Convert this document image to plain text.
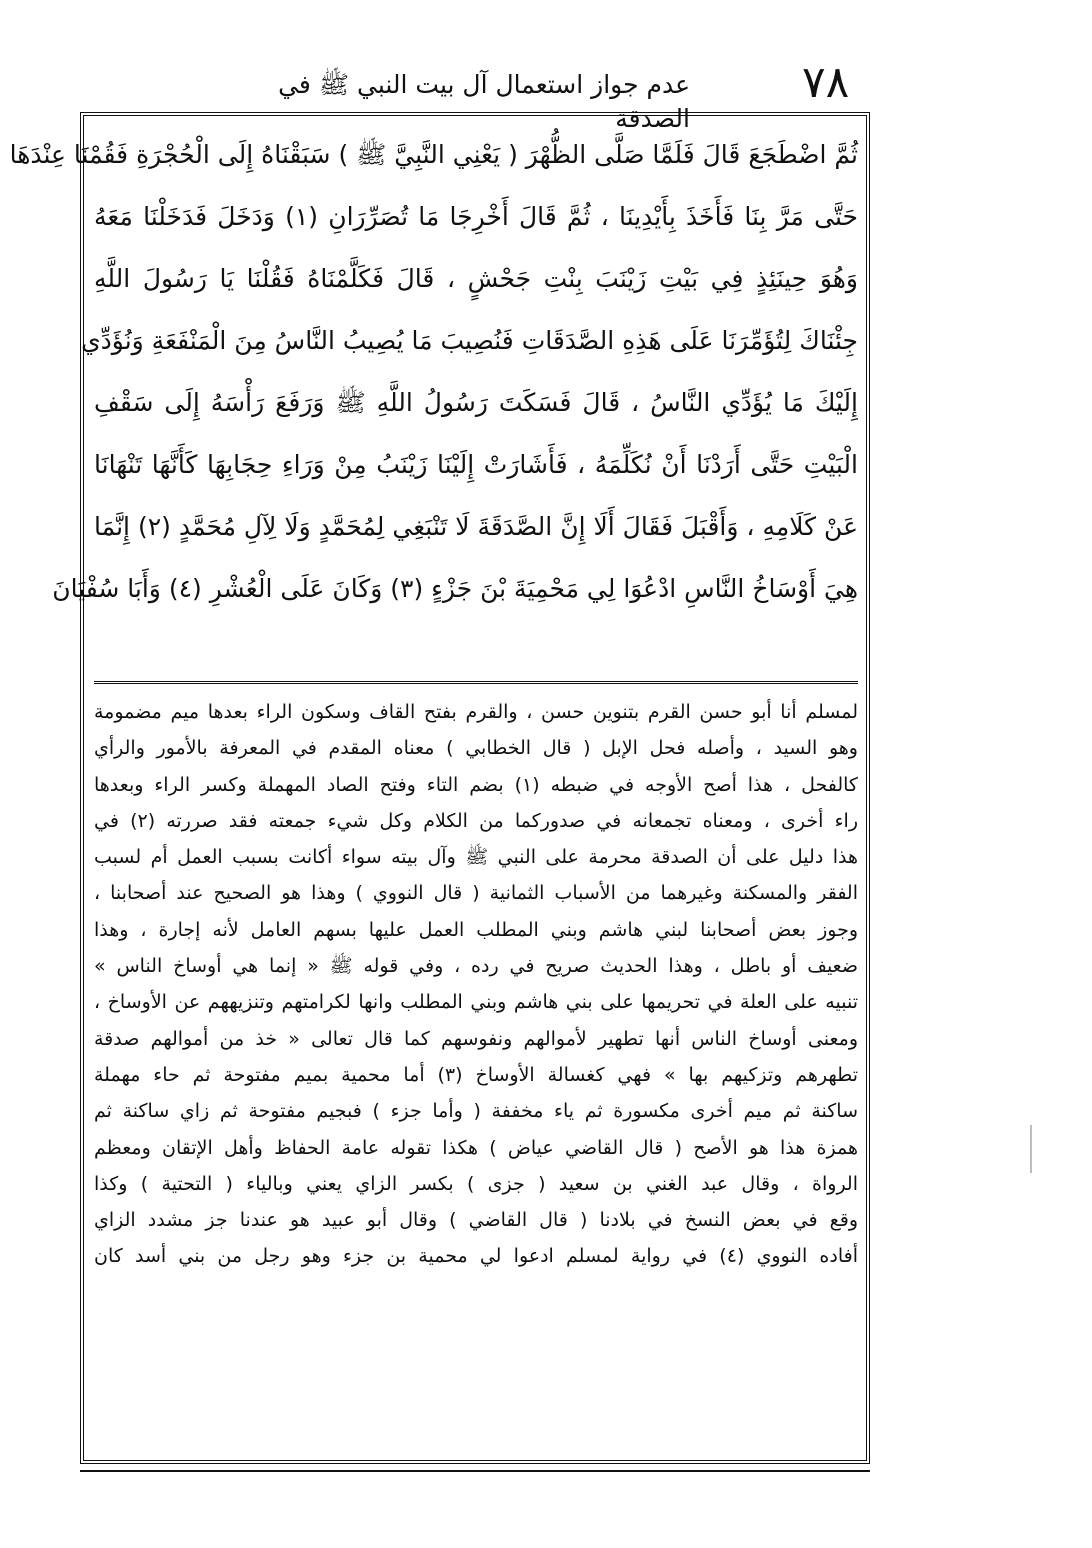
٧٨
عدم جواز استعمال آل بيت النبي ﷺ في الصدقة
ثُمَّ اضْطَجَعَ قَالَ فَلَمَّا صَلَّى الظُّهْرَ ( يَعْنِي النَّبِيَّ ﷺ ) سَبَقْنَاهُ إِلَى الْحُجْرَةِ فَقُمْنَا عِنْدَهَا
حَتَّى مَرَّ بِنَا فَأَخَذَ بِأَيْدِينَا ، ثُمَّ قَالَ أَخْرِجَا مَا تُصَرِّرَانِ (١) وَدَخَلَ فَدَخَلْنَا مَعَهُ
وَهُوَ حِينَئِذٍ فِي بَيْتِ زَيْنَبَ بِنْتِ جَحْشٍ ، قَالَ فَكَلَّمْنَاهُ فَقُلْنَا يَا رَسُولَ اللَّهِ
جِئْنَاكَ لِتُؤَمِّرَنَا عَلَى هَذِهِ الصَّدَقَاتِ فَنُصِيبَ مَا يُصِيبُ النَّاسُ مِنَ الْمَنْفَعَةِ وَنُؤَدِّي
إِلَيْكَ مَا يُؤَدِّي النَّاسُ ، قَالَ فَسَكَتَ رَسُولُ اللَّهِ ﷺ وَرَفَعَ رَأْسَهُ إِلَى سَقْفِ
الْبَيْتِ حَتَّى أَرَدْنَا أَنْ نُكَلِّمَهُ ، فَأَشَارَتْ إِلَيْنَا زَيْنَبُ مِنْ وَرَاءِ حِجَابِهَا كَأَنَّهَا تَنْهَانَا
عَنْ كَلَامِهِ ، وَأَقْبَلَ فَقَالَ أَلَا إِنَّ الصَّدَقَةَ لَا تَنْبَغِي لِمُحَمَّدٍ وَلَا لِآلِ مُحَمَّدٍ (٢) إِنَّمَا
هِيَ أَوْسَاخُ النَّاسِ ادْعُوَا لِي مَحْمِيَةَ بْنَ جَزْءٍ (٣) وَكَانَ عَلَى الْعُشْرِ (٤) وَأَبَا سُفْيَانَ
لمسلم أنا أبو حسن القرم بتنوين حسن ، والقرم بفتح القاف وسكون الراء بعدها ميم مضمومة
وهو السيد ، وأصله فحل الإبل ( قال الخطابي ) معناه المقدم في المعرفة بالأمور والرأي
كالفحل ، هذا أصح الأوجه في ضبطه (١) بضم التاء وفتح الصاد المهملة وكسر الراء وبعدها
راء أخرى ، ومعناه تجمعانه في صدوركما من الكلام وكل شيء جمعته فقد صررته (٢) في
هذا دليل على أن الصدقة محرمة على النبي ﷺ وآل بيته سواء أكانت بسبب العمل أم لسبب
الفقر والمسكنة وغيرهما من الأسباب الثمانية ( قال النووي ) وهذا هو الصحيح عند أصحابنا ،
وجوز بعض أصحابنا لبني هاشم وبني المطلب العمل عليها بسهم العامل لأنه إجارة ، وهذا
ضعيف أو باطل ، وهذا الحديث صريح في رده ، وفي قوله ﷺ « إنما هي أوساخ الناس »
تنبيه على العلة في تحريمها على بني هاشم وبني المطلب وانها لكرامتهم وتنزيههم عن الأوساخ ،
ومعنى أوساخ الناس أنها تطهير لأموالهم ونفوسهم كما قال تعالى « خذ من أموالهم صدقة
تطهرهم وتزكيهم بها » فهي كغسالة الأوساخ (٣) أما محمية بميم مفتوحة ثم حاء مهملة
ساكنة ثم ميم أخرى مكسورة ثم ياء مخففة ( وأما جزء ) فبجيم مفتوحة ثم زاي ساكنة ثم
همزة هذا هو الأصح ( قال القاضي عياض ) هكذا تقوله عامة الحفاظ وأهل الإتقان ومعظم
الرواة ، وقال عبد الغني بن سعيد ( جزى ) بكسر الزاي يعني وبالياء ( التحتية ) وكذا
وقع في بعض النسخ في بلادنا ( قال القاضي ) وقال أبو عبيد هو عندنا جز مشدد الزاي
أفاده النووي (٤) في رواية لمسلم ادعوا لي محمية بن جزء وهو رجل من بني أسد كان
